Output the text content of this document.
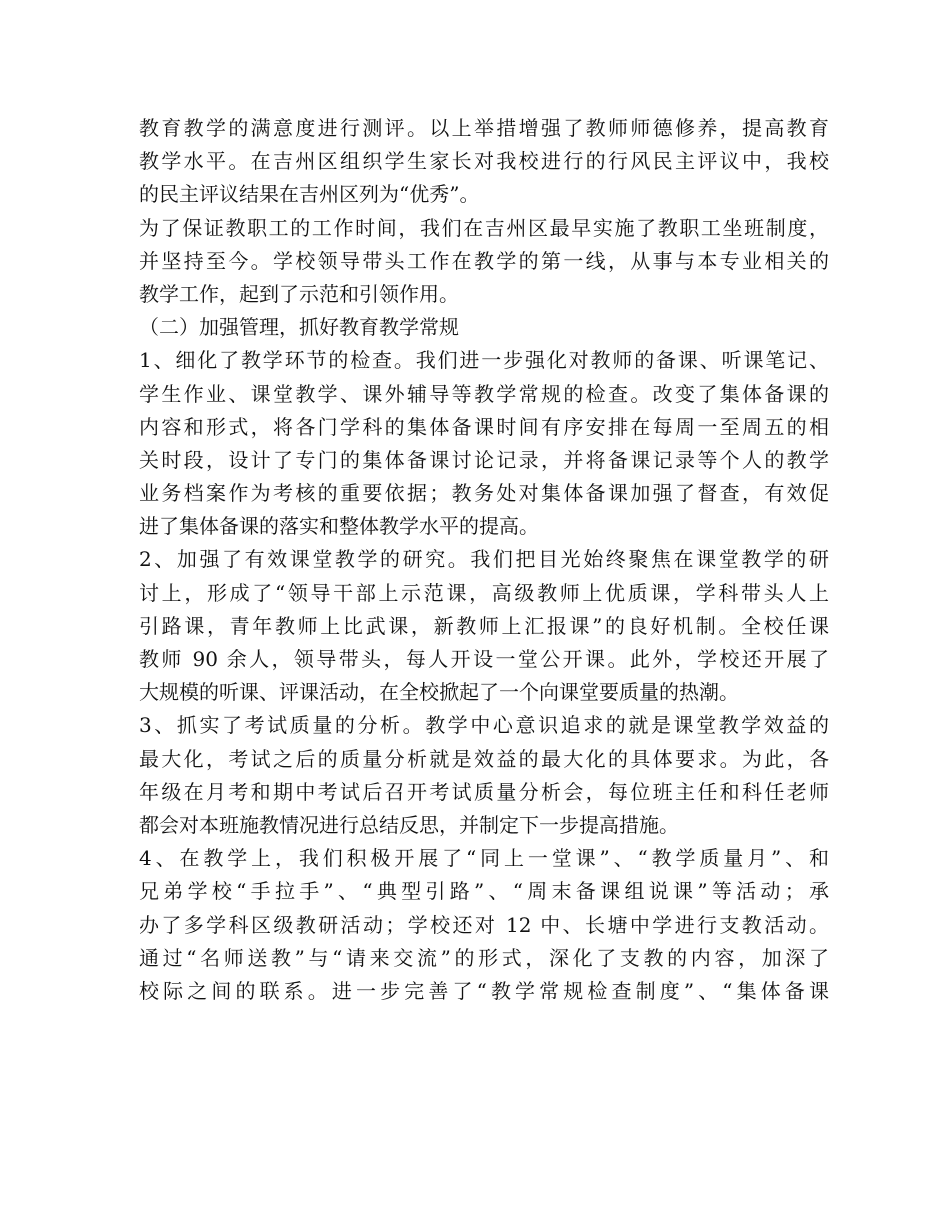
教育教学的满意度进行测评。以上举措增强了教师师德修养，提高教育
教学水平。在吉州区组织学生家长对我校进行的行风民主评议中，我校
的民主评议结果在吉州区列为“优秀”。
为了保证教职工的工作时间，我们在吉州区最早实施了教职工坐班制度，
并坚持至今。学校领导带头工作在教学的第一线，从事与本专业相关的
教学工作，起到了示范和引领作用。
（二）加强管理，抓好教育教学常规
1、细化了教学环节的检查。我们进一步强化对教师的备课、听课笔记、
学生作业、课堂教学、课外辅导等教学常规的检查。改变了集体备课的
内容和形式，将各门学科的集体备课时间有序安排在每周一至周五的相
关时段，设计了专门的集体备课讨论记录，并将备课记录等个人的教学
业务档案作为考核的重要依据；教务处对集体备课加强了督查，有效促
进了集体备课的落实和整体教学水平的提高。
2、加强了有效课堂教学的研究。我们把目光始终聚焦在课堂教学的研
讨上，形成了“领导干部上示范课，高级教师上优质课，学科带头人上
引路课，青年教师上比武课，新教师上汇报课”的良好机制。全校任课
教师 90 余人，领导带头，每人开设一堂公开课。此外，学校还开展了
大规模的听课、评课活动，在全校掀起了一个向课堂要质量的热潮。
3、抓实了考试质量的分析。教学中心意识追求的就是课堂教学效益的
最大化，考试之后的质量分析就是效益的最大化的具体要求。为此，各
年级在月考和期中考试后召开考试质量分析会，每位班主任和科任老师
都会对本班施教情况进行总结反思，并制定下一步提高措施。
4、在教学上，我们积极开展了“同上一堂课”、“教学质量月”、和
兄弟学校“手拉手”、“典型引路”、“周末备课组说课”等活动；承
办了多学科区级教研活动；学校还对 12 中、长塘中学进行支教活动。
通过“名师送教”与“请来交流”的形式，深化了支教的内容，加深了
校际之间的联系。进一步完善了“教学常规检查制度”、“集体备课
